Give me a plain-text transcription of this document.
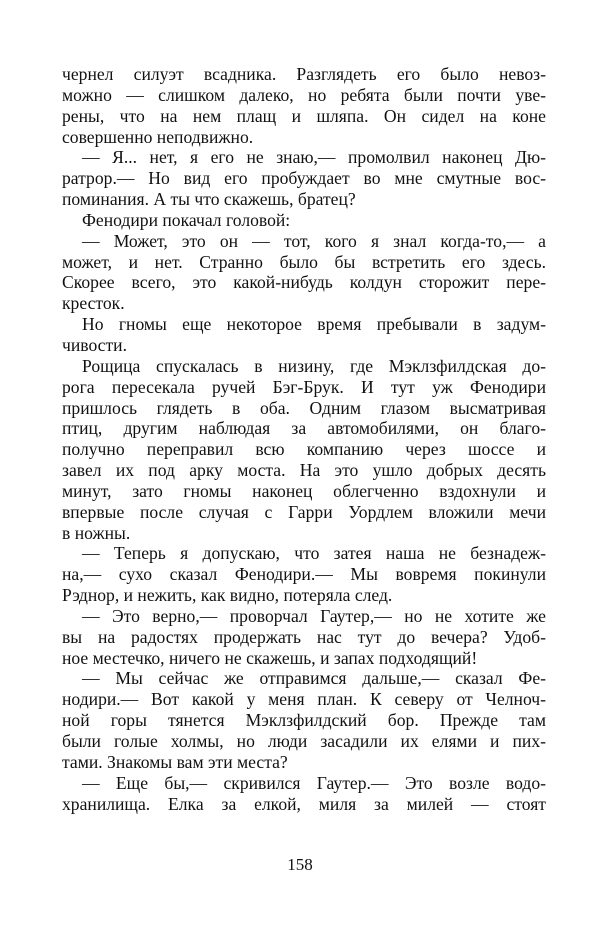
чернел силуэт всадника. Разглядеть его было невоз-
можно — слишком далеко, но ребята были почти уве-
рены, что на нем плащ и шляпа. Он сидел на коне
совершенно неподвижно.
— Я... нет, я его не знаю,— промолвил наконец Дю-
ратрор.— Но вид его пробуждает во мне смутные вос-
поминания. А ты что скажешь, братец?
Фенодири покачал головой:
— Может, это он — тот, кого я знал когда-то,— а
может, и нет. Странно было бы встретить его здесь.
Скорее всего, это какой-нибудь колдун сторожит пере-
кресток.
Но гномы еще некоторое время пребывали в задум-
чивости.
Рощица спускалась в низину, где Мэклзфилдская до-
рога пересекала ручей Бэг-Брук. И тут уж Фенодири
пришлось глядеть в оба. Одним глазом высматривая
птиц, другим наблюдая за автомобилями, он благо-
получно переправил всю компанию через шоссе и
завел их под арку моста. На это ушло добрых десять
минут, зато гномы наконец облегченно вздохнули и
впервые после случая с Гарри Уордлем вложили мечи
в ножны.
— Теперь я допускаю, что затея наша не безнадеж-
на,— сухо сказал Фенодири.— Мы вовремя покинули
Рэднор, и нежить, как видно, потеряла след.
— Это верно,— проворчал Гаутер,— но не хотите же
вы на радостях продержать нас тут до вечера? Удоб-
ное местечко, ничего не скажешь, и запах подходящий!
— Мы сейчас же отправимся дальше,— сказал Фе-
нодири.— Вот какой у меня план. К северу от Челноч-
ной горы тянется Мэклзфилдский бор. Прежде там
были голые холмы, но люди засадили их елями и пих-
тами. Знакомы вам эти места?
— Еще бы,— скривился Гаутер.— Это возле водо-
хранилища. Елка за елкой, миля за милей — стоят
158
